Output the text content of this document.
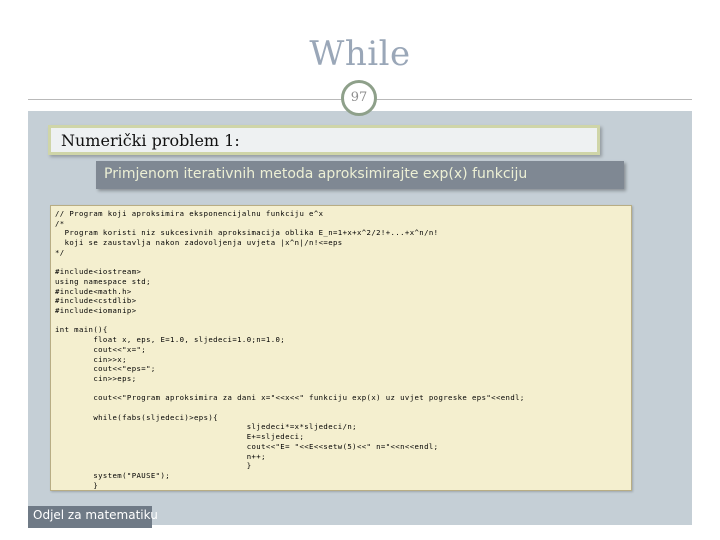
While
97
Numerički problem 1:
Primjenom iterativnih metoda aproksimirajte exp(x) funkciju
// Program koji aproksimira eksponencijalnu funkciju e^x
/*
Program koristi niz sukcesivnih aproksimacija oblika E_n=1+x+x^2/2!+...+x^n/n!
koji se zaustavlja nakon zadovoljenja uvjeta |x^n|/n!<=eps
*/

#include<iostream>
using namespace std;
#include<math.h>
#include<cstdlib>
#include<iomanip>

int main(){
float x, eps, E=1.0, sljedeci=1.0;n=1.0;
cout<<"x=";
cin>>x;
cout<<"eps=";
cin>>eps;

cout<<"Program aproksimira za dani x="<<x<<" funkciju exp(x) uz uvjet pogreske eps"<<endl;

while(fabs(sljedeci)>eps){
sljedeci*=x*sljedeci/n;
E+=sljedeci;
cout<<"E= "<<E<<setw(5)<<" n="<<n<<endl;
n++;
}
system("PAUSE");
}
Odjel za matematiku
